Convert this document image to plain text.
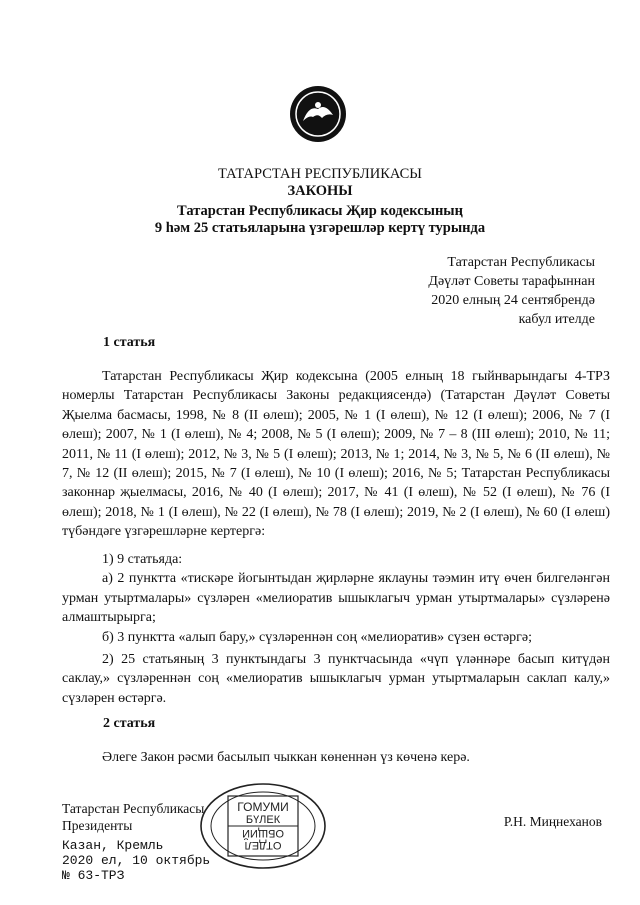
ТАТАРСТАН РЕСПУБЛИКАСЫ
ЗАКОНЫ
Татарстан Республикасы Җир кодексының
9 һәм 25 статьяларына үзгәрешләр кертү турында
Татарстан Республикасы
Дәүләт Советы тарафыннан
2020 елның 24 сентябрендә
кабул ителде
1 статья

Татарстан Республикасы Җир кодексына (2005 елның 18 гыйнварындагы 4-ТРЗ номерлы Татарстан Республикасы Законы редакциясендә) (Татарстан Дәүләт Советы Җыелма басмасы, 1998, № 8 (II өлеш); 2005, № 1 (I өлеш), № 12 (I өлеш); 2006, № 7 (I өлеш); 2007, № 1 (I өлеш), № 4; 2008, № 5 (I өлеш); 2009, № 7 – 8 (III өлеш); 2010, № 11; 2011, № 11 (I өлеш); 2012, № 3, № 5 (I өлеш); 2013, № 1; 2014, № 3, № 5, № 6 (II өлеш), № 7, № 12 (II өлеш); 2015, № 7 (I өлеш), № 10 (I өлеш); 2016, № 5; Татарстан Республикасы законнар җыелмасы, 2016, № 40 (I өлеш); 2017, № 41 (I өлеш), № 52 (I өлеш), № 76 (I өлеш); 2018, № 1 (I өлеш), № 22 (I өлеш), № 78 (I өлеш); 2019, № 2 (I өлеш), № 60 (I өлеш) түбәндәге үзгәрешләрне кертергә:

1) 9 статьяда:

а) 2 пунктта «тискәре йогынтыдан җирләрне яклауны тәэмин итү өчен билгеләнгән урман утыртмалары» сүзләрен «мелиоратив ышыклагыч урман утыртмалары» сүзләренә алмаштырырга;

б) 3 пунктта «алып бару,» сүзләреннән соң «мелиоратив» сүзен өстәргә;

2) 25 статьяның 3 пунктындагы 3 пунктчасында «чүп үләннәре басып китүдән саклау,» сүзләреннән соң «мелиоратив ышыклагыч урман утыртмаларын саклап калу,» сүзләрен өстәргә.

2 статья

Әлеге Закон рәсми басылып чыккан көненнән үз көченә керә.

Татарстан Республикасы
Президенты	Р.Н. Миңнеханов
Казан, Кремль
2020 ел, 10 октябрь
№ 63-ТРЗ
ГОМУМИ
БҮЛЕК
ОТДЕЛ
ОБЩИЙ
